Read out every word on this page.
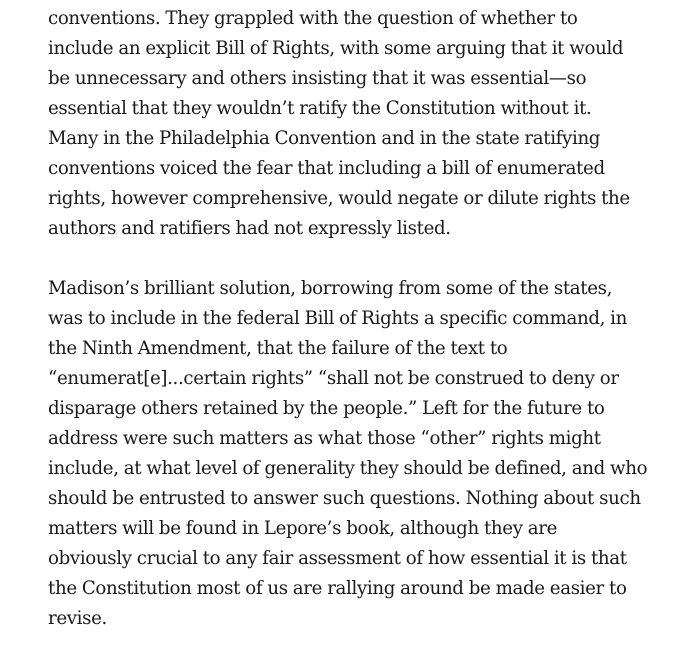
conventions. They grappled with the question of whether to
include an explicit Bill of Rights, with some arguing that it would
be unnecessary and others insisting that it was essential—so
essential that they wouldn’t ratify the Constitution without it.
Many in the Philadelphia Convention and in the state ratifying
conventions voiced the fear that including a bill of enumerated
rights, however comprehensive, would negate or dilute rights the
authors and ratifiers had not expressly listed.

Madison’s brilliant solution, borrowing from some of the states,
was to include in the federal Bill of Rights a specific command, in
the Ninth Amendment, that the failure of the text to
“enumerat[e]...certain rights” “shall not be construed to deny or
disparage others retained by the people.” Left for the future to
address were such matters as what those “other” rights might
include, at what level of generality they should be defined, and who
should be entrusted to answer such questions. Nothing about such
matters will be found in Lepore’s book, although they are
obviously crucial to any fair assessment of how essential it is that
the Constitution most of us are rallying around be made easier to
revise.
